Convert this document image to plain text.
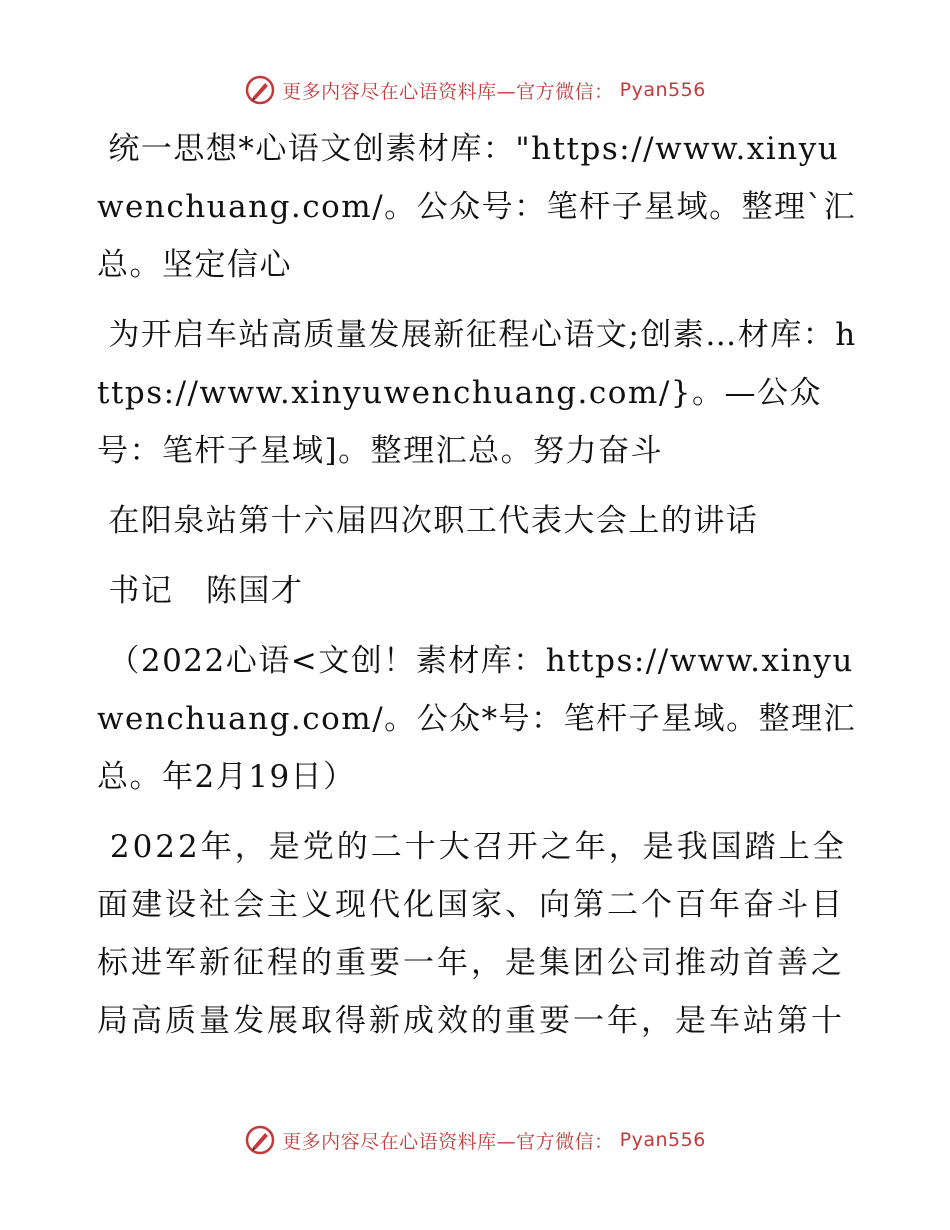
更多内容尽在心语资料库—官方微信： Pyan556

统一思想*心语文创素材库："https://www.xinyuwenchuang.com/。公众号：笔杆子星域。整理`汇总。坚定信心

为开启车站高质量发展新征程心语文;创素…材库：https://www.xinyuwenchuang.com/}。—公众号：笔杆子星域]。整理汇总。努力奋斗

在阳泉站第十六届四次职工代表大会上的讲话

书记　陈国才

（2022心语<文创！素材库：https://www.xinyuwenchuang.com/。公众*号：笔杆子星域。整理汇总。年2月19日）

2022年，是党的二十大召开之年，是我国踏上全面建设社会主义现代化国家、向第二个百年奋斗目标进军新征程的重要一年，是集团公司推动首善之局高质量发展取得新成效的重要一年，是车站第十

更多内容尽在心语资料库—官方微信： Pyan556
